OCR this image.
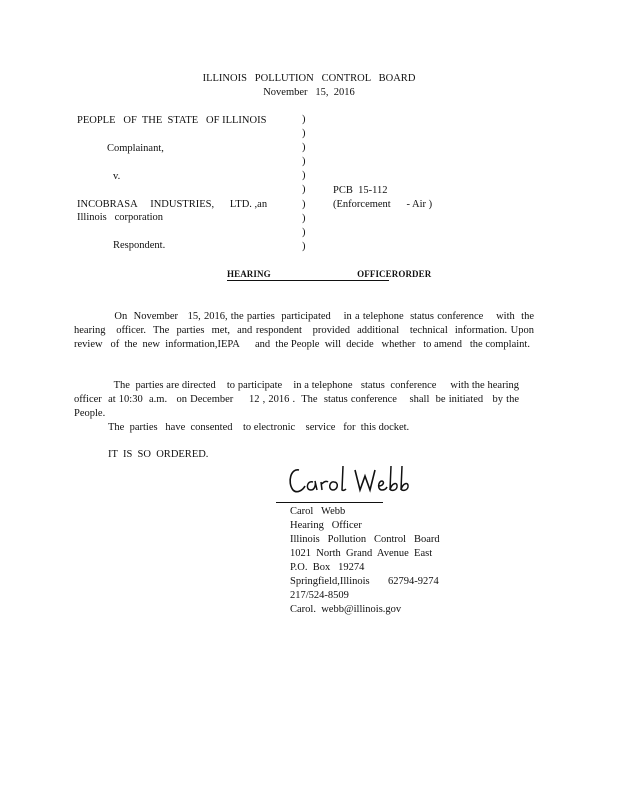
ILLINOIS   POLLUTION   CONTROL   BOARD
November   15,  2016
PEOPLE   OF  THE  STATE   OF ILLINOIS
Complainant,
v.
INCOBRASA     INDUSTRIES,      LTD. ,an
Illinois   corporation
Respondent.
)
)
)
)
)
)
)
)
)
)
PCB  15-112
(Enforcement      - Air )
HEARING       OFFICERORDER

On  November   15, 2016, the parties  participated    in a telephone  status conference    with  the hearing   officer.  The  parties  met,  and respondent   provided  additional   technical  information. Upon  review   of  the  new  information,IEPA      and  the People  will  decide   whether   to amend   the complaint.

The  parties are directed    to participate    in a telephone   status  conference     with the hearing officer  at 10:30  a.m.   on December     12 , 2016 .  The  status conference    shall  be initiated   by the People.

The  parties   have  consented    to electronic    service   for  this docket.
IT  IS  SO  ORDERED.
Carol   Webb
Hearing   Officer
Illinois   Pollution   Control   Board
1021  North  Grand  Avenue  East
P.O.  Box   19274
Springfield,Illinois       62794-9274
217/524-8509
Carol.  webb@illinois.gov
